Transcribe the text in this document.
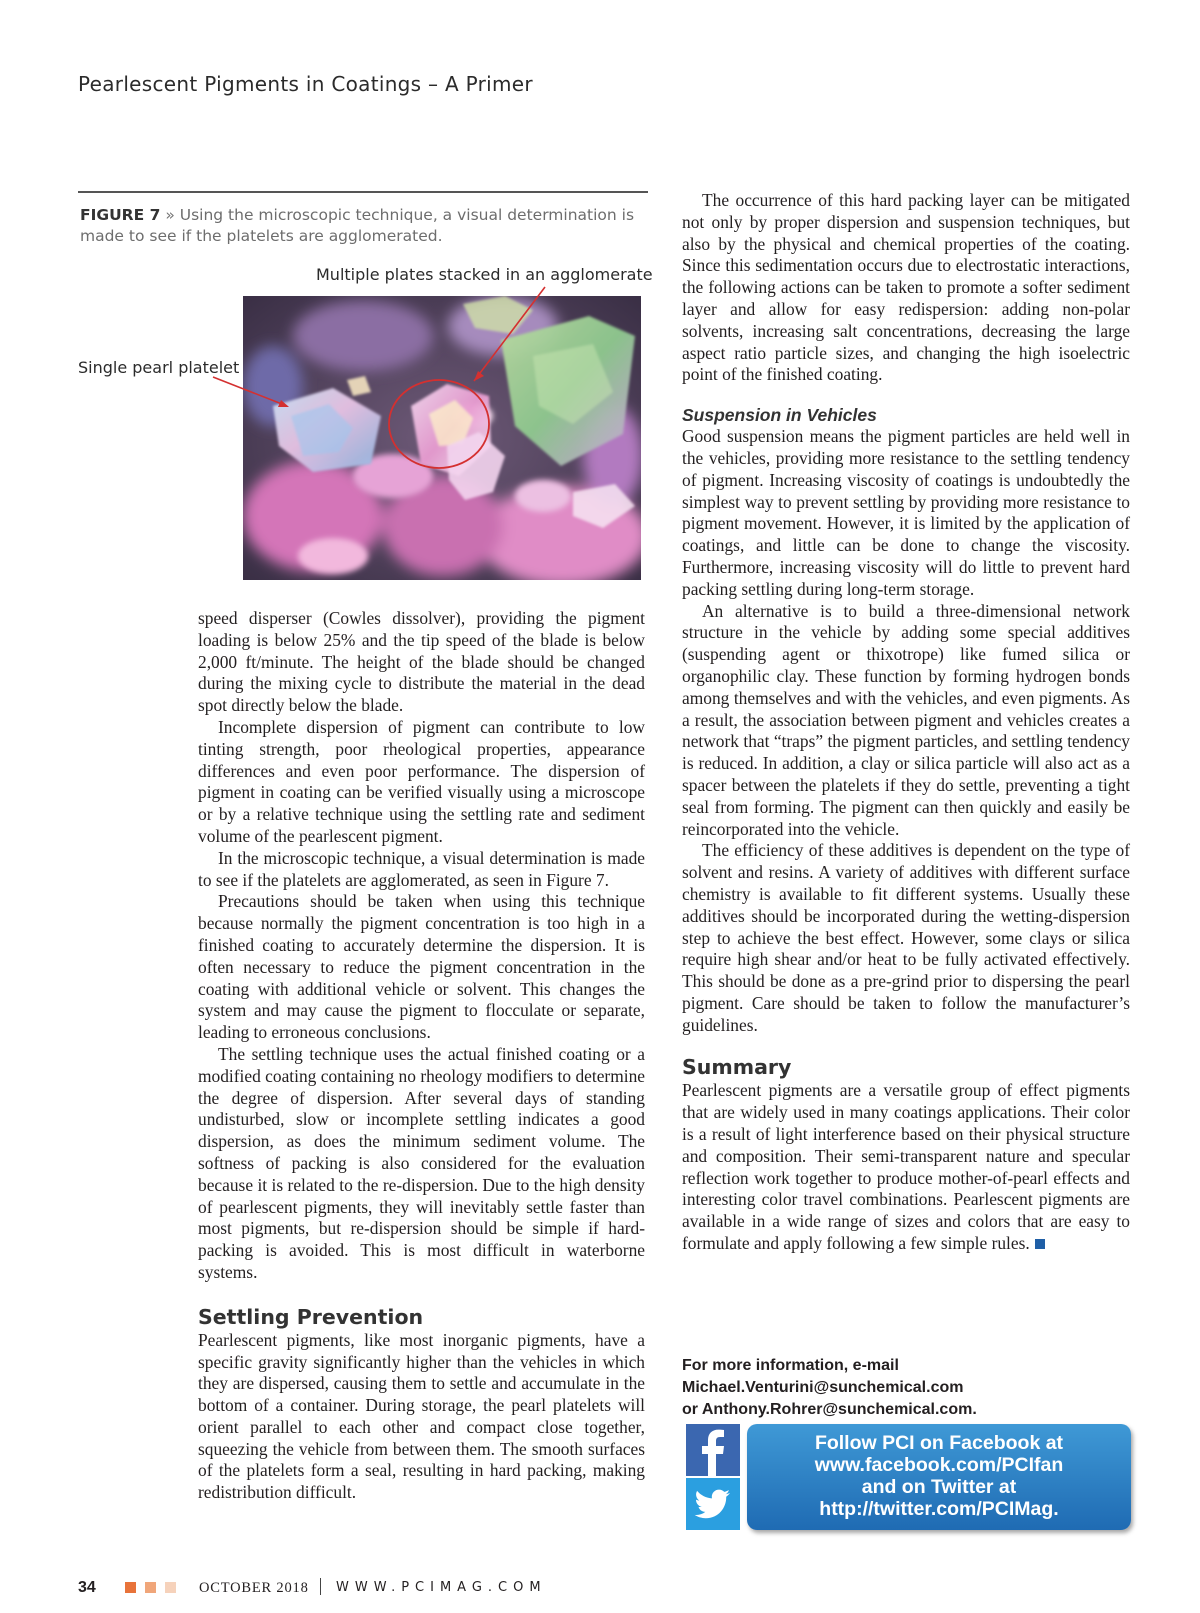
Pearlescent Pigments in Coatings – A Primer
FIGURE 7 » Using the microscopic technique, a visual determination is made to see if the platelets are agglomerated.
Multiple plates stacked in an agglomerate
Single pearl platelet

speed disperser (Cowles dissolver), providing the pigment loading is below 25% and the tip speed of the blade is below 2,000 ft/minute. The height of the blade should be changed during the mixing cycle to distribute the material in the dead spot directly below the blade.

Incomplete dispersion of pigment can contribute to low tinting strength, poor rheological properties, appearance differences and even poor performance. The dispersion of pigment in coating can be verified visually using a microscope or by a relative technique using the settling rate and sediment volume of the pearlescent pigment.

In the microscopic technique, a visual determination is made to see if the platelets are agglomerated, as seen in Figure 7.

Precautions should be taken when using this technique because normally the pigment concentration is too high in a finished coating to accurately determine the dispersion. It is often necessary to reduce the pigment concentration in the coating with additional vehicle or solvent. This changes the system and may cause the pigment to flocculate or separate, leading to erroneous conclusions.

The settling technique uses the actual finished coating or a modified coating containing no rheology modifiers to determine the degree of dispersion. After several days of standing undisturbed, slow or incomplete settling indicates a good dispersion, as does the minimum sediment volume. The softness of packing is also considered for the evaluation because it is related to the re-dispersion. Due to the high density of pearlescent pigments, they will inevitably settle faster than most pigments, but re-dispersion should be simple if hard-packing is avoided. This is most difficult in waterborne systems.

Settling Prevention

Pearlescent pigments, like most inorganic pigments, have a specific gravity significantly higher than the vehicles in which they are dispersed, causing them to settle and accumulate in the bottom of a container. During storage, the pearl platelets will orient parallel to each other and compact close together, squeezing the vehicle from between them. The smooth surfaces of the platelets form a seal, resulting in hard packing, making redistribution difficult.

The occurrence of this hard packing layer can be mitigated not only by proper dispersion and suspension techniques, but also by the physical and chemical properties of the coating. Since this sedimentation occurs due to electrostatic interactions, the following actions can be taken to promote a softer sediment layer and allow for easy redispersion: adding non-polar solvents, increasing salt concentrations, decreasing the large aspect ratio particle sizes, and changing the high isoelectric point of the finished coating.

Suspension in Vehicles

Good suspension means the pigment particles are held well in the vehicles, providing more resistance to the settling tendency of pigment. Increasing viscosity of coatings is undoubtedly the simplest way to prevent settling by providing more resistance to pigment movement. However, it is limited by the application of coatings, and little can be done to change the viscosity. Furthermore, increasing viscosity will do little to prevent hard packing settling during long-term storage.

An alternative is to build a three-dimensional network structure in the vehicle by adding some special additives (suspending agent or thixotrope) like fumed silica or organophilic clay. These function by forming hydrogen bonds among themselves and with the vehicles, and even pigments. As a result, the association between pigment and vehicles creates a network that “traps” the pigment particles, and settling tendency is reduced. In addition, a clay or silica particle will also act as a spacer between the platelets if they do settle, preventing a tight seal from forming. The pigment can then quickly and easily be reincorporated into the vehicle.

The efficiency of these additives is dependent on the type of solvent and resins. A variety of additives with different surface chemistry is available to fit different systems. Usually these additives should be incorporated during the wetting-dispersion step to achieve the best effect. However, some clays or silica require high shear and/or heat to be fully activated effectively. This should be done as a pre-grind prior to dispersing the pearl pigment. Care should be taken to follow the manufacturer’s guidelines.

Summary

Pearlescent pigments are a versatile group of effect pigments that are widely used in many coatings applications. Their color is a result of light interference based on their physical structure and composition. Their semi-transparent nature and specular reflection work together to produce mother-of-pearl effects and interesting color travel combinations. Pearlescent pigments are available in a wide range of sizes and colors that are easy to formulate and apply following a few simple rules.

For more information, e-mail Michael.Venturini@sunchemical.com
or Anthony.Rohrer@sunchemical.com.
Follow PCI on Facebook at
www.facebook.com/PCIfan
and on Twitter at
http://twitter.com/PCIMag.
34	OCTOBER 2018 WWW.PCIMAG.COM
